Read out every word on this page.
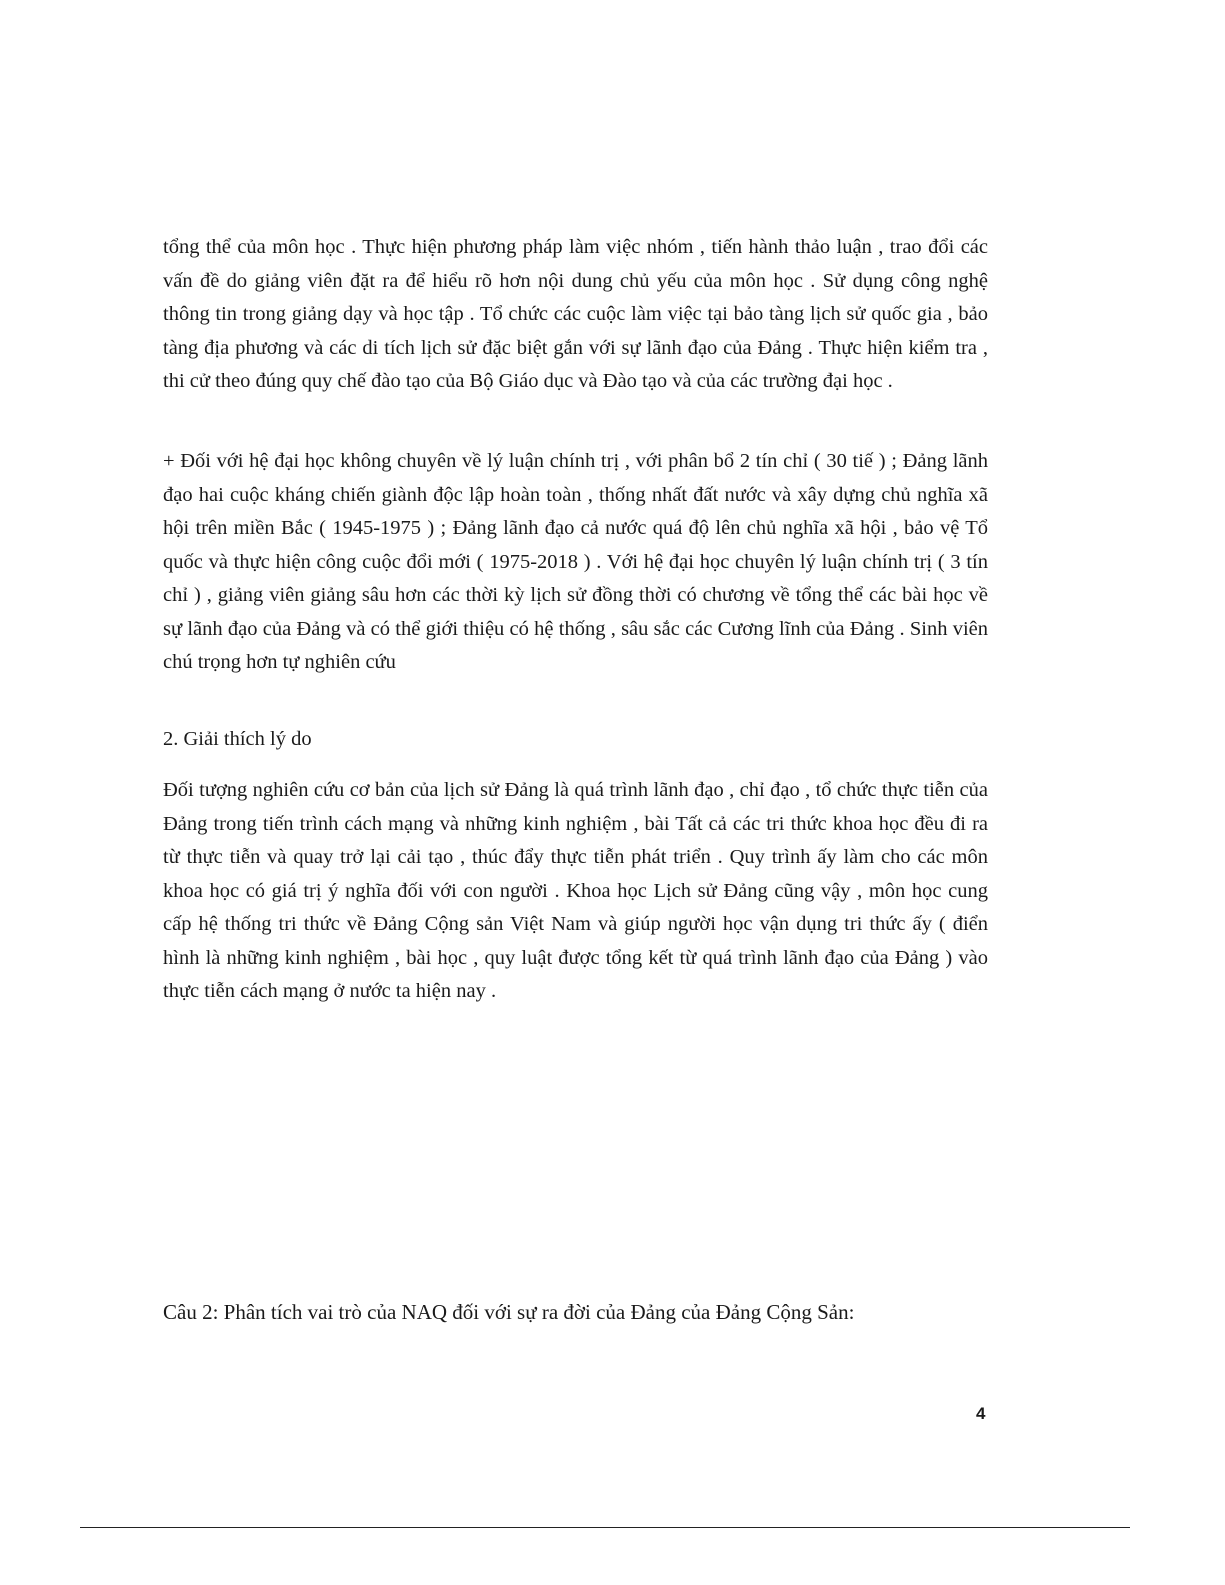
tổng thể của môn học . Thực hiện phương pháp làm việc nhóm , tiến hành thảo luận , trao đổi các vấn đề do giảng viên đặt ra để hiểu rõ hơn nội dung chủ yếu của môn học . Sử dụng công nghệ thông tin trong giảng dạy và học tập . Tổ chức các cuộc làm việc tại bảo tàng lịch sử quốc gia , bảo tàng địa phương và các di tích lịch sử đặc biệt gắn với sự lãnh đạo của Đảng . Thực hiện kiểm tra , thi cử theo đúng quy chế đào tạo của Bộ Giáo dục và Đào tạo và của các trường đại học .

+ Đối với hệ đại học không chuyên về lý luận chính trị , với phân bổ 2 tín chỉ ( 30 tiế ) ; Đảng lãnh đạo hai cuộc kháng chiến giành độc lập hoàn toàn , thống nhất đất nước và xây dựng chủ nghĩa xã hội trên miền Bắc ( 1945-1975 ) ; Đảng lãnh đạo cả nước quá độ lên chủ nghĩa xã hội , bảo vệ Tổ quốc và thực hiện công cuộc đổi mới ( 1975-2018 ) . Với hệ đại học chuyên lý luận chính trị ( 3 tín chỉ ) , giảng viên giảng sâu hơn các thời kỳ lịch sử đồng thời có chương về tổng thể các bài học về sự lãnh đạo của Đảng và có thể giới thiệu có hệ thống , sâu sắc các Cương lĩnh của Đảng . Sinh viên chú trọng hơn tự nghiên cứu

2. Giải thích lý do

Đối tượng nghiên cứu cơ bản của lịch sử Đảng là quá trình lãnh đạo , chỉ đạo , tổ chức thực tiễn của Đảng trong tiến trình cách mạng và những kinh nghiệm , bài Tất cả các tri thức khoa học đều đi ra từ thực tiễn và quay trở lại cải tạo , thúc đẩy thực tiễn phát triển . Quy trình ấy làm cho các môn khoa học có giá trị ý nghĩa đối với con người . Khoa học Lịch sử Đảng cũng vậy , môn học cung cấp hệ thống tri thức về Đảng Cộng sản Việt Nam và giúp người học vận dụng tri thức ấy ( điển hình là những kinh nghiệm , bài học , quy luật được tổng kết từ quá trình lãnh đạo của Đảng ) vào thực tiễn cách mạng ở nước ta hiện nay .

Câu 2: Phân tích vai trò của NAQ đối với sự ra đời của Đảng của Đảng Cộng Sản:

4
